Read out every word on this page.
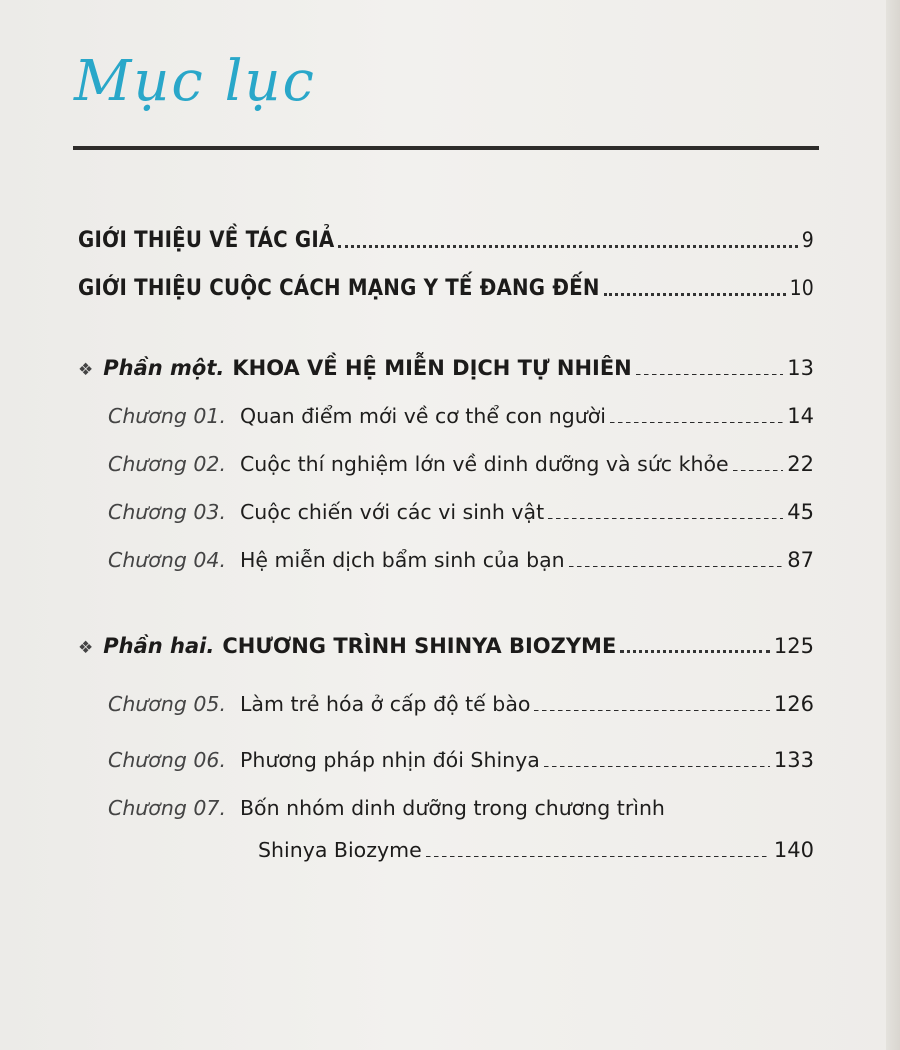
Mục lục
GIỚI THIỆU VỀ TÁC GIẢ	9
GIỚI THIỆU CUỘC CÁCH MẠNG Y TẾ ĐANG ĐẾN	10
❖ Phần một. KHOA VỀ HỆ MIỄN DỊCH TỰ NHIÊN	13
Chương 01. Quan điểm mới về cơ thể con người	14
Chương 02. Cuộc thí nghiệm lớn về dinh dưỡng và sức khỏe	22
Chương 03. Cuộc chiến với các vi sinh vật	45
Chương 04. Hệ miễn dịch bẩm sinh của bạn	87
❖ Phần hai. CHƯƠNG TRÌNH SHINYA BIOZYME	125
Chương 05. Làm trẻ hóa ở cấp độ tế bào	126
Chương 06. Phương pháp nhịn đói Shinya	133
Chương 07. Bốn nhóm dinh dưỡng trong chương trình
Shinya Biozyme	140
